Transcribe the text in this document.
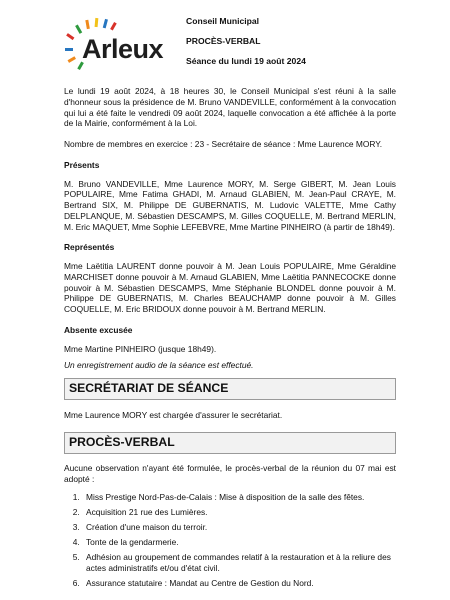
Arleux
Conseil Municipal
PROCÈS-VERBAL
Séance du lundi 19 août 2024

Le lundi 19 août 2024, à 18 heures 30, le Conseil Municipal s'est réuni à la salle d'honneur sous la présidence de M. Bruno VANDEVILLE, conformément à la convocation qui lui a été faite le vendredi 09 août 2024, laquelle convocation a été affichée à la porte de la Mairie, conformément à la Loi.

Nombre de membres en exercice : 23 - Secrétaire de séance : Mme Laurence MORY.

Présents

M. Bruno VANDEVILLE, Mme Laurence MORY, M. Serge GIBERT, M. Jean Louis POPULAIRE, Mme Fatima GHADI, M. Arnaud GLABIEN, M. Jean-Paul CRAYE, M. Bertrand SIX, M. Philippe DE GUBERNATIS, M. Ludovic VALETTE, Mme Cathy DELPLANQUE, M. Sébastien DESCAMPS, M. Gilles COQUELLE, M. Bertrand MERLIN, M. Eric MAQUET, Mme Sophie LEFEBVRE, Mme Martine PINHEIRO (à partir de 18h49).

Représentés

Mme Laëtitia LAURENT donne pouvoir à M. Jean Louis POPULAIRE, Mme Géraldine MARCHISET donne pouvoir à M. Arnaud GLABIEN, Mme Laëtitia PANNECOCKE donne pouvoir à M. Sébastien DESCAMPS, Mme Stéphanie BLONDEL donne pouvoir à M. Philippe DE GUBERNATIS, M. Charles BEAUCHAMP donne pouvoir à M. Gilles COQUELLE, M. Eric BRIDOUX donne pouvoir à M. Bertrand MERLIN.

Absente excusée

Mme Martine PINHEIRO (jusque 18h49).

Un enregistrement audio de la séance est effectué.

SECRÉTARIAT DE SÉANCE

Mme Laurence MORY est chargée d'assurer le secrétariat.

PROCÈS-VERBAL

Aucune observation n'ayant été formulée, le procès-verbal de la réunion du 07 mai est adopté :

1. Miss Prestige Nord-Pas-de-Calais : Mise à disposition de la salle des fêtes.
2. Acquisition 21 rue des Lumières.
3. Création d'une maison du terroir.
4. Tonte de la gendarmerie.
5. Adhésion au groupement de commandes relatif à la restauration et à la reliure des actes administratifs et/ou d'état civil.
6. Assurance statutaire : Mandat au Centre de Gestion du Nord.
